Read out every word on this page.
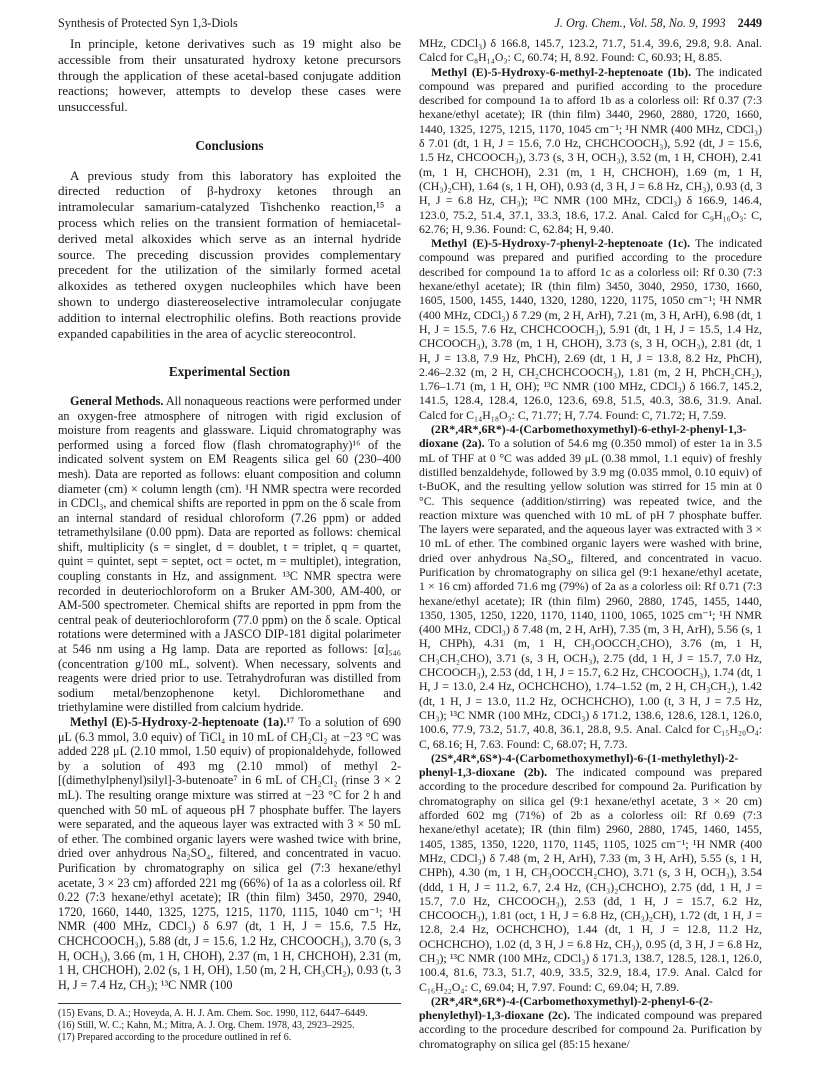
Synthesis of Protected Syn 1,3-Diols	J. Org. Chem., Vol. 58, No. 9, 1993 2449

In principle, ketone derivatives such as 19 might also be accessible from their unsaturated hydroxy ketone precursors through the application of these acetal-based conjugate addition reactions; however, attempts to develop these cases were unsuccessful.

Conclusions

A previous study from this laboratory has exploited the directed reduction of β-hydroxy ketones through an intramolecular samarium-catalyzed Tishchenko reaction,¹⁵ a process which relies on the transient formation of hemiacetal-derived metal alkoxides which serve as an internal hydride source. The preceding discussion provides complementary precedent for the utilization of the similarly formed acetal alkoxides as tethered oxygen nucleophiles which have been shown to undergo diastereoselective intramolecular conjugate addition to internal electrophilic olefins. Both reactions provide expanded capabilities in the area of acyclic stereocontrol.

Experimental Section

General Methods. All nonaqueous reactions were performed under an oxygen-free atmosphere of nitrogen with rigid exclusion of moisture from reagents and glassware. Liquid chromatography was performed using a forced flow (flash chromatography)¹⁶ of the indicated solvent system on EM Reagents silica gel 60 (230–400 mesh). Data are reported as follows: eluant composition and column diameter (cm) × column length (cm). ¹H NMR spectra were recorded in CDCl₃, and chemical shifts are reported in ppm on the δ scale from an internal standard of residual chloroform (7.26 ppm) or added tetramethylsilane (0.00 ppm). Data are reported as follows: chemical shift, multiplicity (s = singlet, d = doublet, t = triplet, q = quartet, quint = quintet, sept = septet, oct = octet, m = multiplet), integration, coupling constants in Hz, and assignment. ¹³C NMR spectra were recorded in deuteriochloroform on a Bruker AM-300, AM-400, or AM-500 spectrometer. Chemical shifts are reported in ppm from the central peak of deuteriochloroform (77.0 ppm) on the δ scale. Optical rotations were determined with a JASCO DIP-181 digital polarimeter at 546 nm using a Hg lamp. Data are reported as follows: [α]₅₄₆ (concentration g/100 mL, solvent). When necessary, solvents and reagents were dried prior to use. Tetrahydrofuran was distilled from sodium metal/benzophenone ketyl. Dichloromethane and triethylamine were distilled from calcium hydride.

Methyl (E)-5-Hydroxy-2-heptenoate (1a).¹⁷ To a solution of 690 μL (6.3 mmol, 3.0 equiv) of TiCl₄ in 10 mL of CH₂Cl₂ at −23 °C was added 228 μL (2.10 mmol, 1.50 equiv) of propionaldehyde, followed by a solution of 493 mg (2.10 mmol) of methyl 2-[(dimethylphenyl)silyl]-3-butenoate⁷ in 6 mL of CH₂Cl₂ (rinse 3 × 2 mL). The resulting orange mixture was stirred at −23 °C for 2 h and quenched with 50 mL of aqueous pH 7 phosphate buffer. The layers were separated, and the aqueous layer was extracted with 3 × 50 mL of ether. The combined organic layers were washed twice with brine, dried over anhydrous Na₂SO₄, filtered, and concentrated in vacuo. Purification by chromatography on silica gel (7:3 hexane/ethyl acetate, 3 × 23 cm) afforded 221 mg (66%) of 1a as a colorless oil. Rf 0.22 (7:3 hexane/ethyl acetate); IR (thin film) 3450, 2970, 2940, 1720, 1660, 1440, 1325, 1275, 1215, 1170, 1115, 1040 cm⁻¹; ¹H NMR (400 MHz, CDCl₃) δ 6.97 (dt, 1 H, J = 15.6, 7.5 Hz, CHCHCOOCH₃), 5.88 (dt, J = 15.6, 1.2 Hz, CHCOOCH₃), 3.70 (s, 3 H, OCH₃), 3.66 (m, 1 H, CHOH), 2.37 (m, 1 H, CHCHOH), 2.31 (m, 1 H, CHCHOH), 2.02 (s, 1 H, OH), 1.50 (m, 2 H, CH₃CH₂), 0.93 (t, 3 H, J = 7.4 Hz, CH₃); ¹³C NMR (100

(15) Evans, D. A.; Hoveyda, A. H. J. Am. Chem. Soc. 1990, 112, 6447–6449.

(16) Still, W. C.; Kahn, M.; Mitra, A. J. Org. Chem. 1978, 43, 2923–2925.

(17) Prepared according to the procedure outlined in ref 6.

MHz, CDCl₃) δ 166.8, 145.7, 123.2, 71.7, 51.4, 39.6, 29.8, 9.8. Anal. Calcd for C₈H₁₄O₃: C, 60.74; H, 8.92. Found: C, 60.93; H, 8.85.

Methyl (E)-5-Hydroxy-6-methyl-2-heptenoate (1b). The indicated compound was prepared and purified according to the procedure described for compound 1a to afford 1b as a colorless oil: Rf 0.37 (7:3 hexane/ethyl acetate); IR (thin film) 3440, 2960, 2880, 1720, 1660, 1440, 1325, 1275, 1215, 1170, 1045 cm⁻¹; ¹H NMR (400 MHz, CDCl₃) δ 7.01 (dt, 1 H, J = 15.6, 7.0 Hz, CHCHCOOCH₃), 5.92 (dt, J = 15.6, 1.5 Hz, CHCOOCH₃), 3.73 (s, 3 H, OCH₃), 3.52 (m, 1 H, CHOH), 2.41 (m, 1 H, CHCHOH), 2.31 (m, 1 H, CHCHOH), 1.69 (m, 1 H, (CH₃)₂CH), 1.64 (s, 1 H, OH), 0.93 (d, 3 H, J = 6.8 Hz, CH₃), 0.93 (d, 3 H, J = 6.8 Hz, CH₃); ¹³C NMR (100 MHz, CDCl₃) δ 166.9, 146.4, 123.0, 75.2, 51.4, 37.1, 33.3, 18.6, 17.2. Anal. Calcd for C₉H₁₆O₃: C, 62.76; H, 9.36. Found: C, 62.84; H, 9.40.

Methyl (E)-5-Hydroxy-7-phenyl-2-heptenoate (1c). The indicated compound was prepared and purified according to the procedure described for compound 1a to afford 1c as a colorless oil: Rf 0.30 (7:3 hexane/ethyl acetate); IR (thin film) 3450, 3040, 2950, 1730, 1660, 1605, 1500, 1455, 1440, 1320, 1280, 1220, 1175, 1050 cm⁻¹; ¹H NMR (400 MHz, CDCl₃) δ 7.29 (m, 2 H, ArH), 7.21 (m, 3 H, ArH), 6.98 (dt, 1 H, J = 15.5, 7.6 Hz, CHCHCOOCH₃), 5.91 (dt, 1 H, J = 15.5, 1.4 Hz, CHCOOCH₃), 3.78 (m, 1 H, CHOH), 3.73 (s, 3 H, OCH₃), 2.81 (dt, 1 H, J = 13.8, 7.9 Hz, PhCH), 2.69 (dt, 1 H, J = 13.8, 8.2 Hz, PhCH), 2.46–2.32 (m, 2 H, CH₂CHCHCOOCH₃), 1.81 (m, 2 H, PhCH₂CH₂), 1.76–1.71 (m, 1 H, OH); ¹³C NMR (100 MHz, CDCl₃) δ 166.7, 145.2, 141.5, 128.4, 128.4, 126.0, 123.6, 69.8, 51.5, 40.3, 38.6, 31.9. Anal. Calcd for C₁₄H₁₈O₃: C, 71.77; H, 7.74. Found: C, 71.72; H, 7.59.

(2R*,4R*,6R*)-4-(Carbomethoxymethyl)-6-ethyl-2-phenyl-1,3-dioxane (2a). To a solution of 54.6 mg (0.350 mmol) of ester 1a in 3.5 mL of THF at 0 °C was added 39 μL (0.38 mmol, 1.1 equiv) of freshly distilled benzaldehyde, followed by 3.9 mg (0.035 mmol, 0.10 equiv) of t-BuOK, and the resulting yellow solution was stirred for 15 min at 0 °C. This sequence (addition/stirring) was repeated twice, and the reaction mixture was quenched with 10 mL of pH 7 phosphate buffer. The layers were separated, and the aqueous layer was extracted with 3 × 10 mL of ether. The combined organic layers were washed with brine, dried over anhydrous Na₂SO₄, filtered, and concentrated in vacuo. Purification by chromatography on silica gel (9:1 hexane/ethyl acetate, 1 × 16 cm) afforded 71.6 mg (79%) of 2a as a colorless oil: Rf 0.71 (7:3 hexane/ethyl acetate); IR (thin film) 2960, 2880, 1745, 1455, 1440, 1350, 1305, 1250, 1220, 1170, 1140, 1100, 1065, 1025 cm⁻¹; ¹H NMR (400 MHz, CDCl₃) δ 7.48 (m, 2 H, ArH), 7.35 (m, 3 H, ArH), 5.56 (s, 1 H, CHPh), 4.31 (m, 1 H, CH₃OOCCH₂CHO), 3.76 (m, 1 H, CH₃CH₂CHO), 3.71 (s, 3 H, OCH₃), 2.75 (dd, 1 H, J = 15.7, 7.0 Hz, CHCOOCH₃), 2.53 (dd, 1 H, J = 15.7, 6.2 Hz, CHCOOCH₃), 1.74 (dt, 1 H, J = 13.0, 2.4 Hz, OCHCHCHO), 1.74–1.52 (m, 2 H, CH₃CH₂), 1.42 (dt, 1 H, J = 13.0, 11.2 Hz, OCHCHCHO), 1.00 (t, 3 H, J = 7.5 Hz, CH₃); ¹³C NMR (100 MHz, CDCl₃) δ 171.2, 138.6, 128.6, 128.1, 126.0, 100.6, 77.9, 73.2, 51.7, 40.8, 36.1, 28.8, 9.5. Anal. Calcd for C₁₅H₂₀O₄: C, 68.16; H, 7.63. Found: C, 68.07; H, 7.73.

(2S*,4R*,6S*)-4-(Carbomethoxymethyl)-6-(1-methylethyl)-2-phenyl-1,3-dioxane (2b). The indicated compound was prepared according to the procedure described for compound 2a. Purification by chromatography on silica gel (9:1 hexane/ethyl acetate, 3 × 20 cm) afforded 602 mg (71%) of 2b as a colorless oil: Rf 0.69 (7:3 hexane/ethyl acetate); IR (thin film) 2960, 2880, 1745, 1460, 1455, 1405, 1385, 1350, 1220, 1170, 1145, 1105, 1025 cm⁻¹; ¹H NMR (400 MHz, CDCl₃) δ 7.48 (m, 2 H, ArH), 7.33 (m, 3 H, ArH), 5.55 (s, 1 H, CHPh), 4.30 (m, 1 H, CH₃OOCCH₂CHO), 3.71 (s, 3 H, OCH₃), 3.54 (ddd, 1 H, J = 11.2, 6.7, 2.4 Hz, (CH₃)₂CHCHO), 2.75 (dd, 1 H, J = 15.7, 7.0 Hz, CHCOOCH₃), 2.53 (dd, 1 H, J = 15.7, 6.2 Hz, CHCOOCH₃), 1.81 (oct, 1 H, J = 6.8 Hz, (CH₃)₂CH), 1.72 (dt, 1 H, J = 12.8, 2.4 Hz, OCHCHCHO), 1.44 (dt, 1 H, J = 12.8, 11.2 Hz, OCHCHCHO), 1.02 (d, 3 H, J = 6.8 Hz, CH₃), 0.95 (d, 3 H, J = 6.8 Hz, CH₃); ¹³C NMR (100 MHz, CDCl₃) δ 171.3, 138.7, 128.5, 128.1, 126.0, 100.4, 81.6, 73.3, 51.7, 40.9, 33.5, 32.9, 18.4, 17.9. Anal. Calcd for C₁₆H₂₂O₄: C, 69.04; H, 7.97. Found: C, 69.04; H, 7.89.

(2R*,4R*,6R*)-4-(Carbomethoxymethyl)-2-phenyl-6-(2-phenylethyl)-1,3-dioxane (2c). The indicated compound was prepared according to the procedure described for compound 2a. Purification by chromatography on silica gel (85:15 hexane/
